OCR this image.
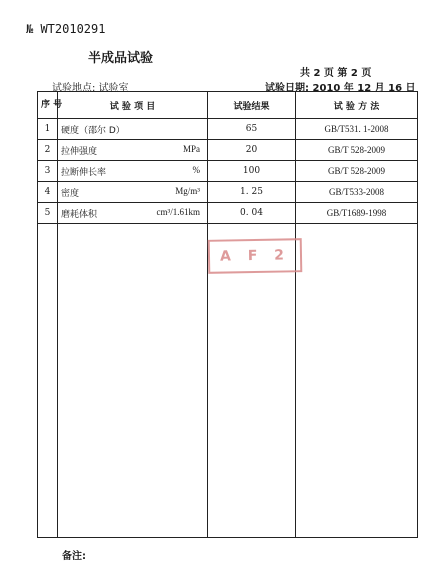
№ WT2010291
半成品试验
共 2 页 第 2 页
试验地点: 试验室	试验日期: 2010 年 12 月 16 日
序 号	试 验 项 目	试验结果	试 验 方 法
1	硬度（邵尔 D）	65	GB/T531. 1-2008
2	拉伸强度 MPa	20	GB/T 528-2009
3	拉断伸长率 %	100	GB/T 528-2009
4	密度 Mg/m³	1. 25	GB/T533-2008
5	磨耗体积 cm³/1.61km	0. 04	GB/T1689-1998

A F 2
备注:
